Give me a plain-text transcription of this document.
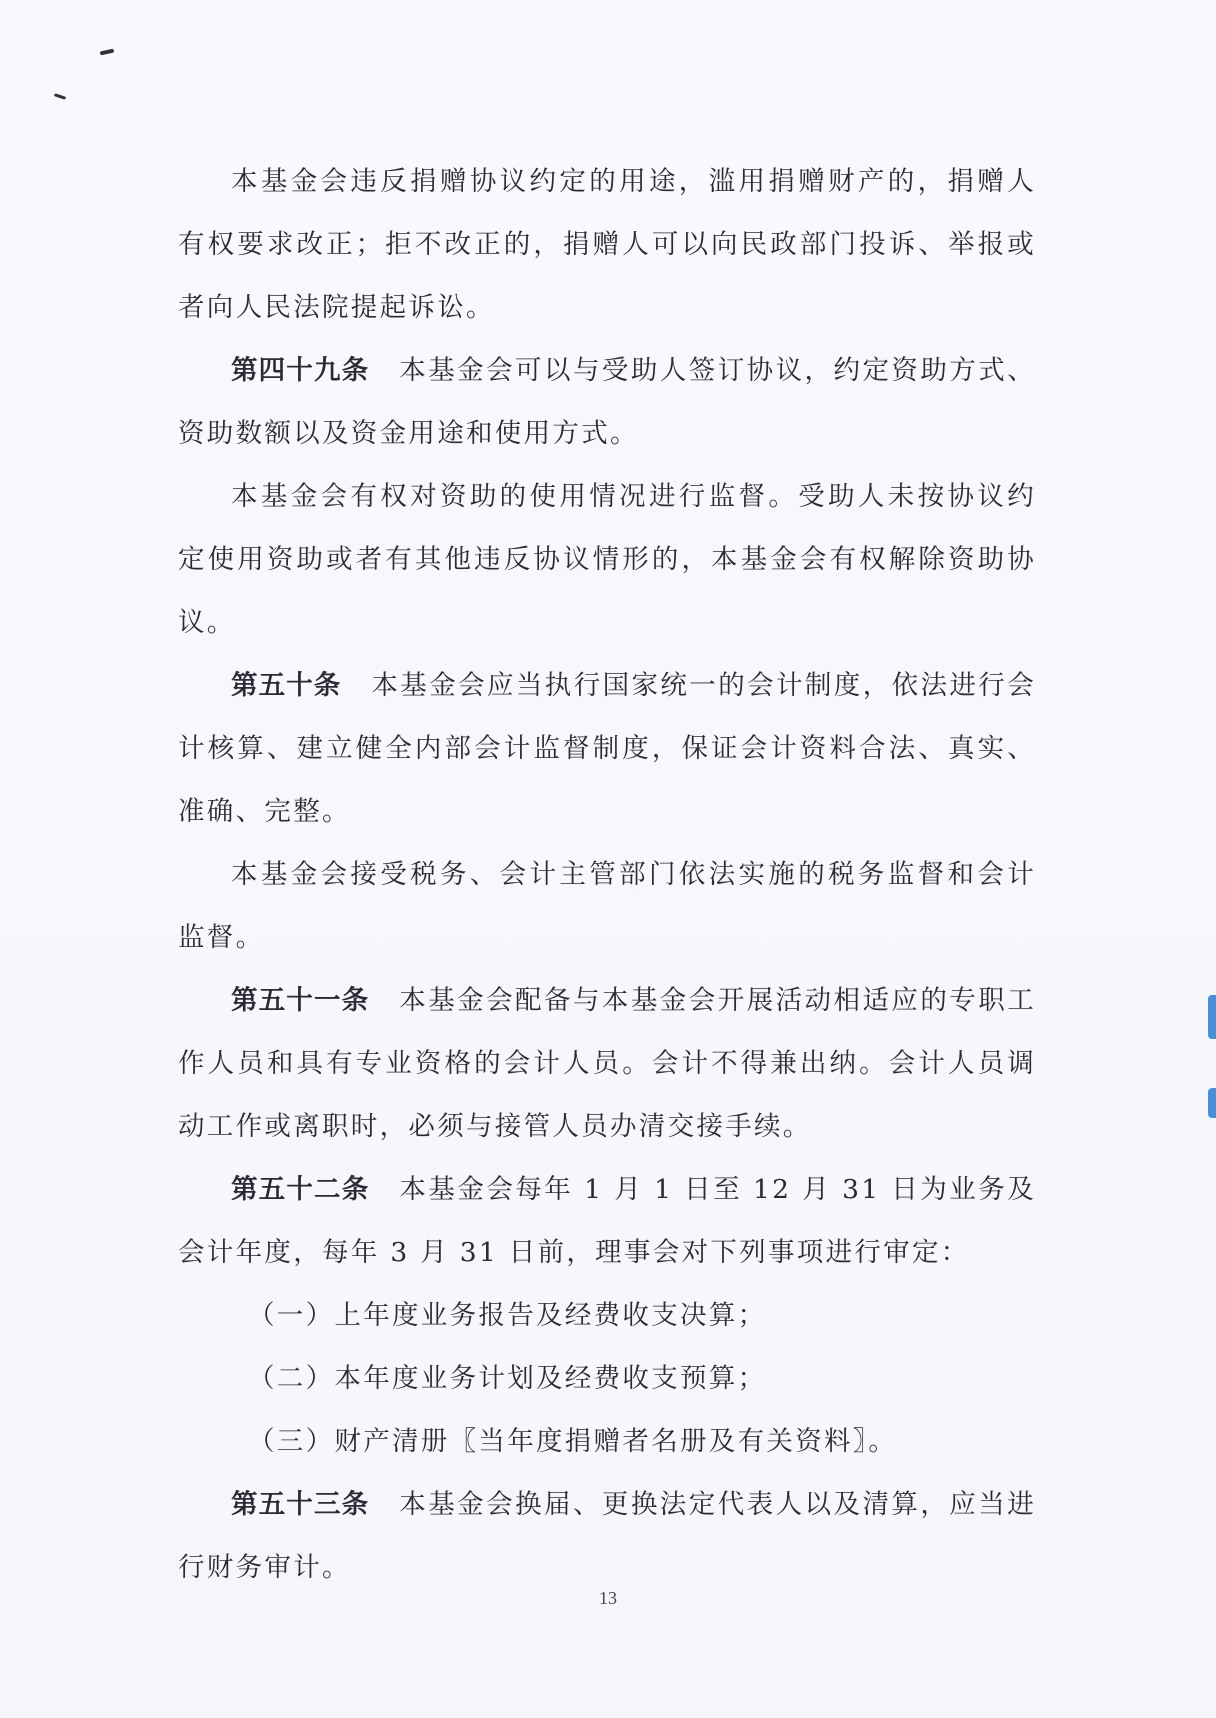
本基金会违反捐赠协议约定的用途，滥用捐赠财产的，捐赠人有权要求改正；拒不改正的，捐赠人可以向民政部门投诉、举报或者向人民法院提起诉讼。

第四十九条 本基金会可以与受助人签订协议，约定资助方式、资助数额以及资金用途和使用方式。

本基金会有权对资助的使用情况进行监督。受助人未按协议约定使用资助或者有其他违反协议情形的，本基金会有权解除资助协议。

第五十条 本基金会应当执行国家统一的会计制度，依法进行会计核算、建立健全内部会计监督制度，保证会计资料合法、真实、准确、完整。

本基金会接受税务、会计主管部门依法实施的税务监督和会计监督。

第五十一条 本基金会配备与本基金会开展活动相适应的专职工作人员和具有专业资格的会计人员。会计不得兼出纳。会计人员调动工作或离职时，必须与接管人员办清交接手续。

第五十二条 本基金会每年 1 月 1 日至 12 月 31 日为业务及会计年度，每年 3 月 31 日前，理事会对下列事项进行审定：

（一）上年度业务报告及经费收支决算；

（二）本年度业务计划及经费收支预算；

（三）财产清册〖当年度捐赠者名册及有关资料〗。

第五十三条 本基金会换届、更换法定代表人以及清算，应当进行财务审计。

13
